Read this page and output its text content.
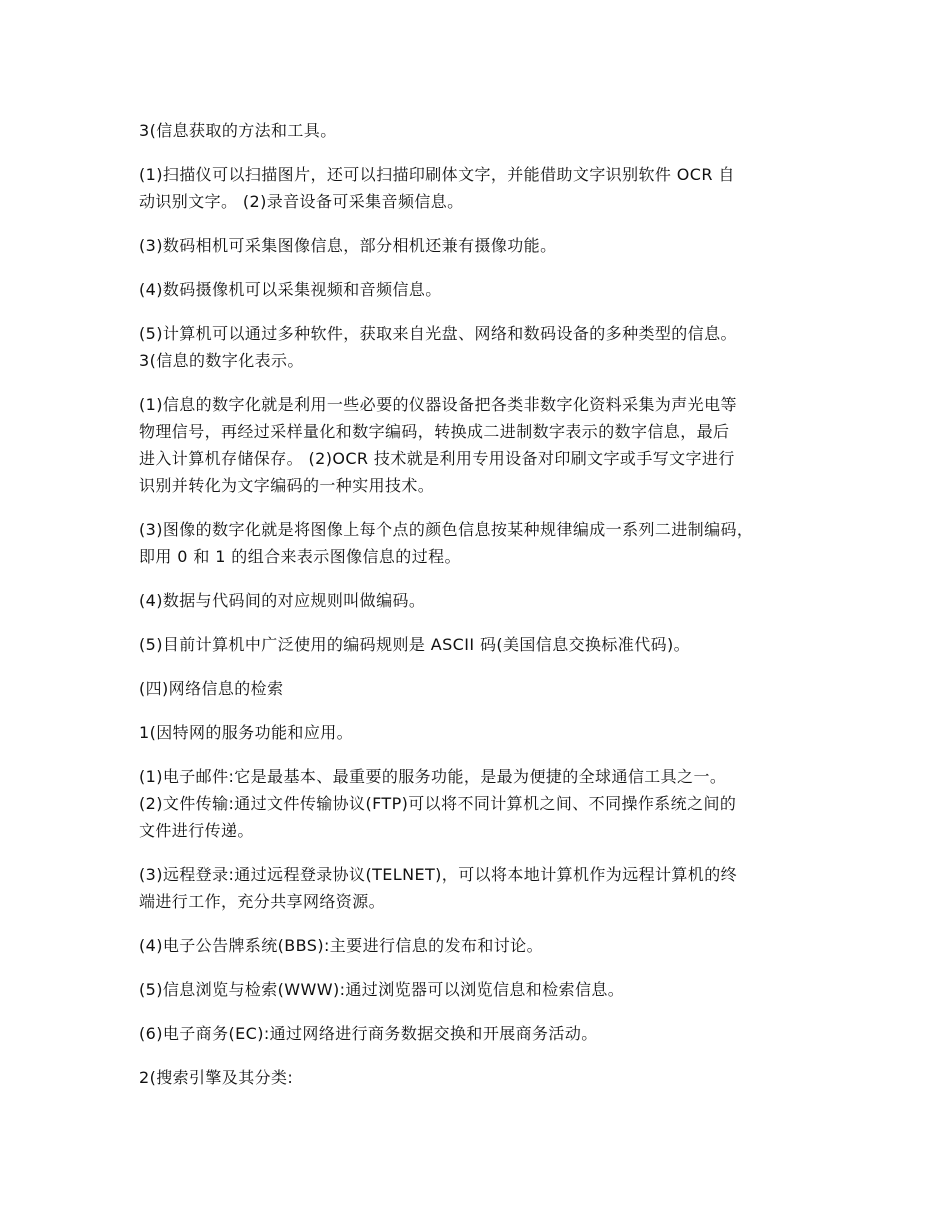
3(信息获取的方法和工具。

(1)扫描仪可以扫描图片，还可以扫描印刷体文字，并能借助文字识别软件 OCR 自
动识别文字。 (2)录音设备可采集音频信息。

(3)数码相机可采集图像信息，部分相机还兼有摄像功能。

(4)数码摄像机可以采集视频和音频信息。

(5)计算机可以通过多种软件，获取来自光盘、网络和数码设备的多种类型的信息。
3(信息的数字化表示。

(1)信息的数字化就是利用一些必要的仪器设备把各类非数字化资料采集为声光电等
物理信号，再经过采样量化和数字编码，转换成二进制数字表示的数字信息，最后
进入计算机存储保存。 (2)OCR 技术就是利用专用设备对印刷文字或手写文字进行
识别并转化为文字编码的一种实用技术。

(3)图像的数字化就是将图像上每个点的颜色信息按某种规律编成一系列二进制编码，
即用 0 和 1 的组合来表示图像信息的过程。

(4)数据与代码间的对应规则叫做编码。

(5)目前计算机中广泛使用的编码规则是 ASCII 码(美国信息交换标准代码)。

(四)网络信息的检索

1(因特网的服务功能和应用。

(1)电子邮件:它是最基本、最重要的服务功能，是最为便捷的全球通信工具之一。
(2)文件传输:通过文件传输协议(FTP)可以将不同计算机之间、不同操作系统之间的
文件进行传递。

(3)远程登录:通过远程登录协议(TELNET)，可以将本地计算机作为远程计算机的终
端进行工作，充分共享网络资源。

(4)电子公告牌系统(BBS):主要进行信息的发布和讨论。

(5)信息浏览与检索(WWW):通过浏览器可以浏览信息和检索信息。

(6)电子商务(EC):通过网络进行商务数据交换和开展商务活动。

2(搜索引擎及其分类:
